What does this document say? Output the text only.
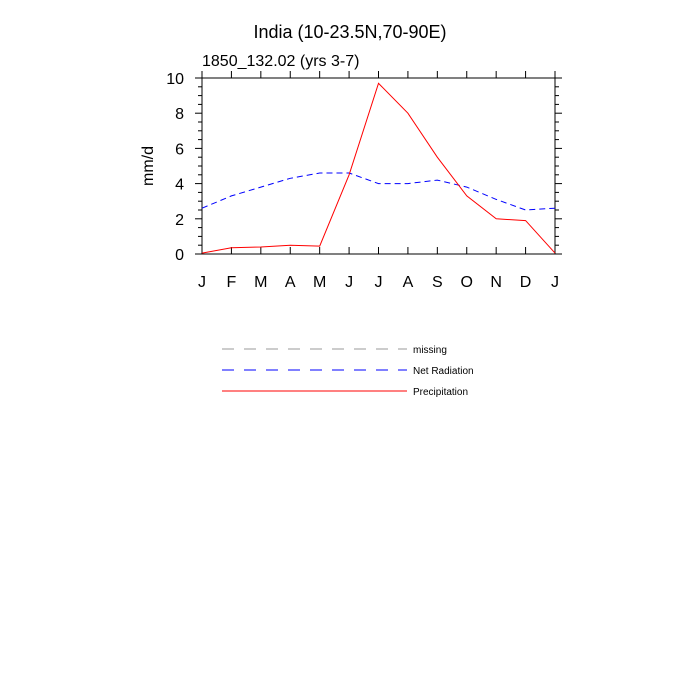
India (10-23.5N,70-90E)
1850_132.02 (yrs 3-7)
mm/d
J F M A M J J A S O N D J
0
2
4
6
8
10
missing
Net Radiation
Precipitation
